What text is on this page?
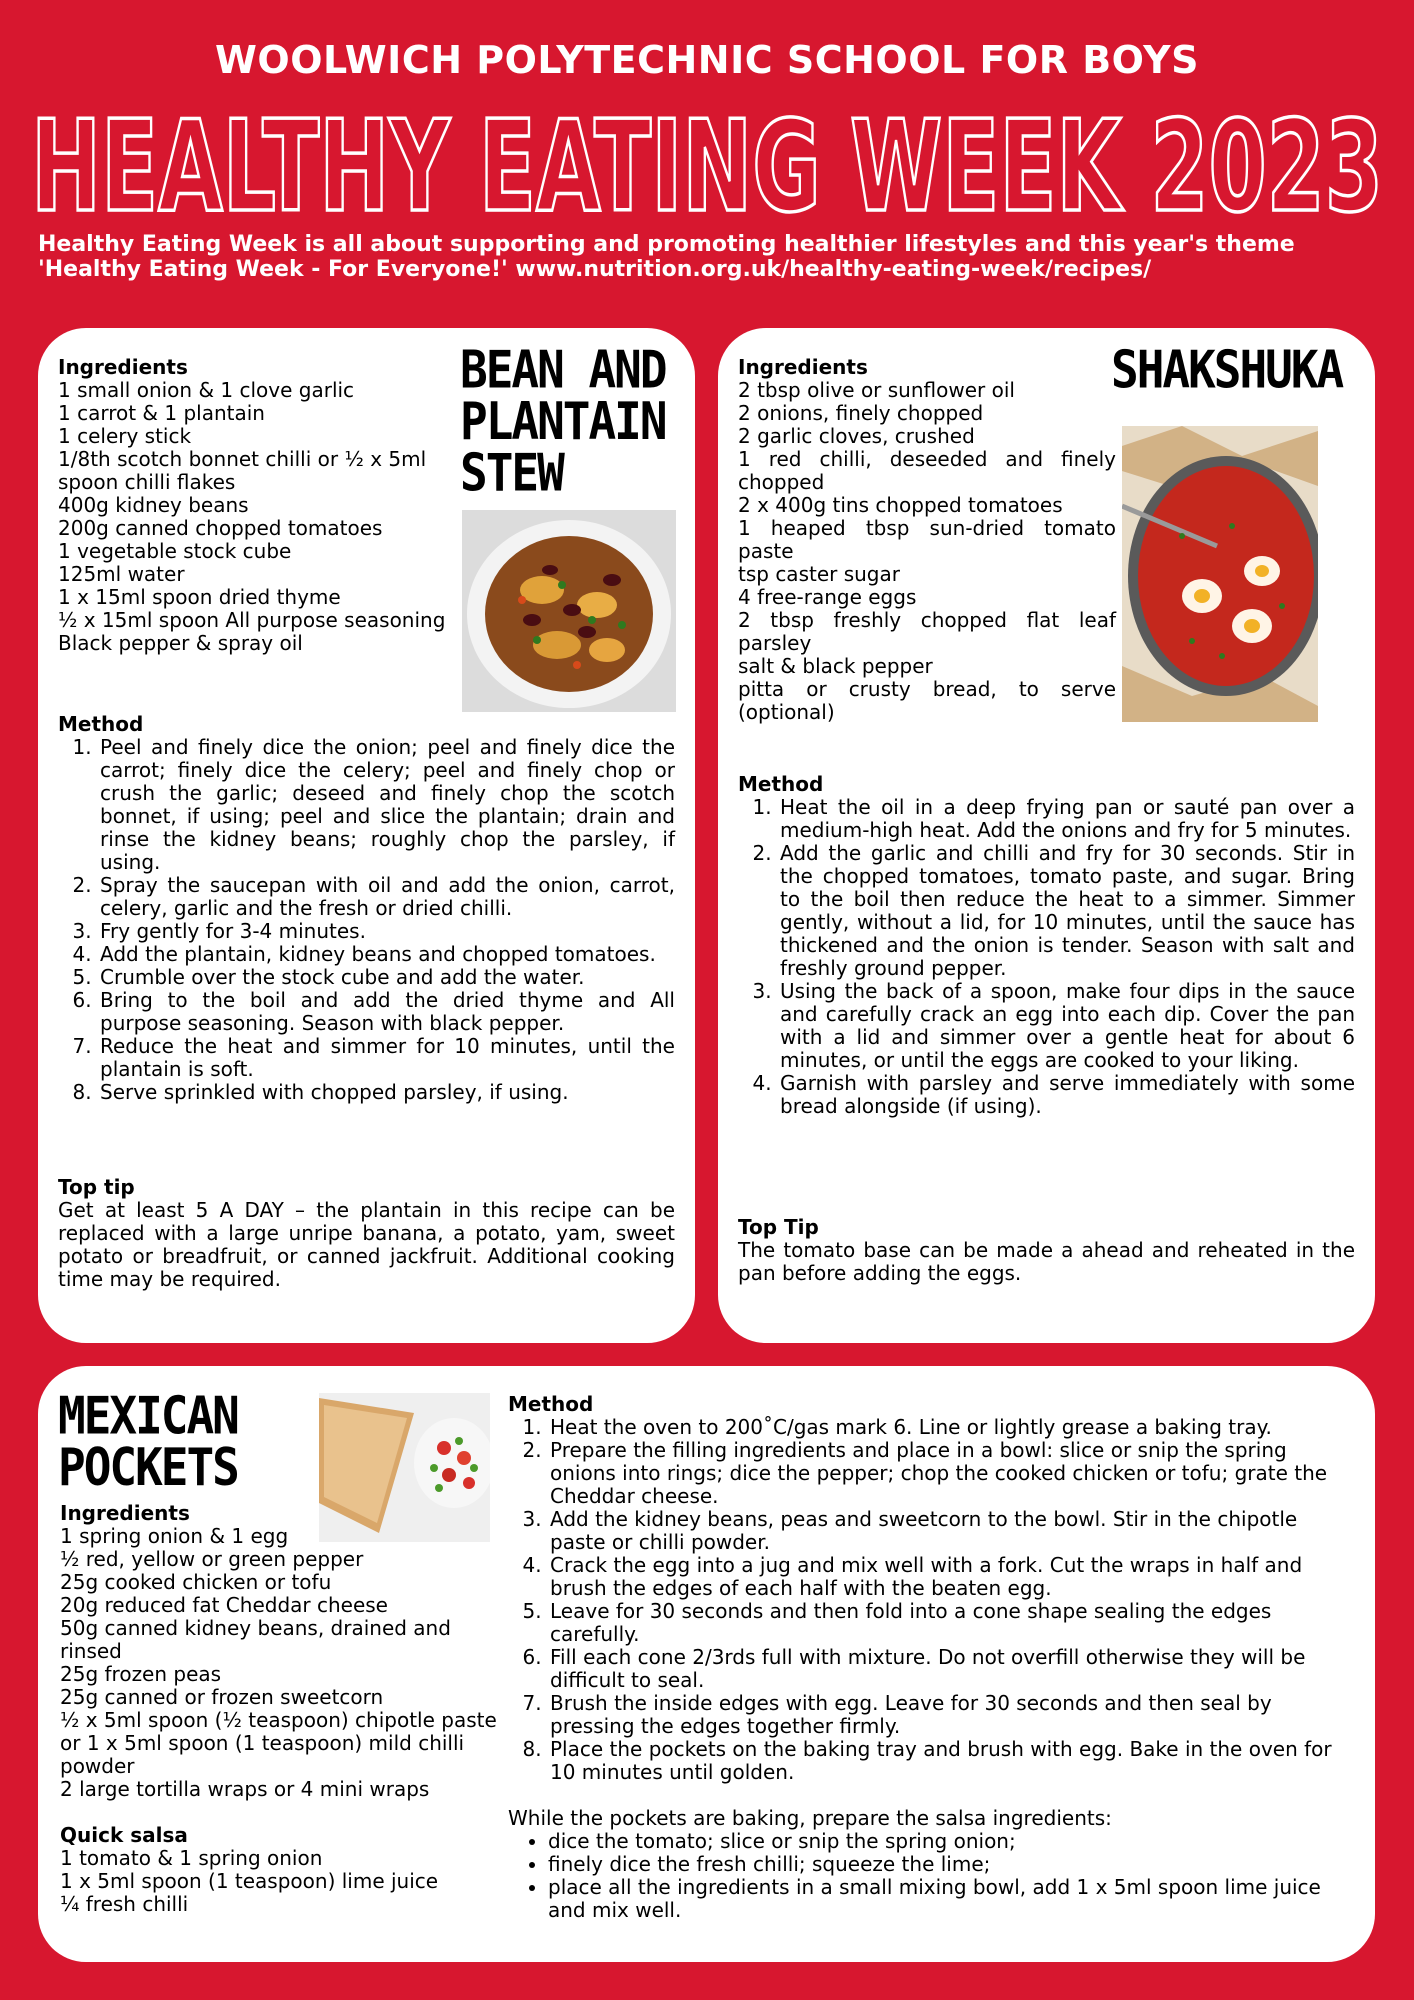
WOOLWICH POLYTECHNIC SCHOOL FOR BOYS
HEALTHY EATING WEEK 2023
Healthy Eating Week is all about supporting and promoting healthier lifestyles and this year's theme
'Healthy Eating Week - For Everyone!' www.nutrition.org.uk/healthy-eating-week/recipes/
BEAN AND
PLANTAIN
STEW
Ingredients
1 small onion & 1 clove garlic
1 carrot & 1 plantain
1 celery stick
1/8th scotch bonnet chilli or ½ x 5ml spoon chilli flakes
400g kidney beans
200g canned chopped tomatoes
1 vegetable stock cube
125ml water
1 x 15ml spoon dried thyme
½ x 15ml spoon All purpose seasoning
Black pepper & spray oil
Method
1. Peel and finely dice the onion; peel and finely dice the carrot; finely dice the celery; peel and finely chop or crush the garlic; deseed and finely chop the scotch bonnet, if using; peel and slice the plantain; drain and rinse the kidney beans; roughly chop the parsley, if using.
2. Spray the saucepan with oil and add the onion, carrot, celery, garlic and the fresh or dried chilli.
3. Fry gently for 3-4 minutes.
4. Add the plantain, kidney beans and chopped tomatoes.
5. Crumble over the stock cube and add the water.
6. Bring to the boil and add the dried thyme and All purpose seasoning. Season with black pepper.
7. Reduce the heat and simmer for 10 minutes, until the plantain is soft.
8. Serve sprinkled with chopped parsley, if using.
Top tip
Get at least 5 A DAY – the plantain in this recipe can be replaced with a large unripe banana, a potato, yam, sweet potato or breadfruit, or canned jackfruit. Additional cooking time may be required.
SHAKSHUKA
Ingredients
2 tbsp olive or sunflower oil
2 onions, finely chopped
2 garlic cloves, crushed
1 red chilli, deseeded and finely chopped
2 x 400g tins chopped tomatoes
1 heaped tbsp sun-dried tomato paste
tsp caster sugar
4 free-range eggs
2 tbsp freshly chopped flat leaf parsley
salt & black pepper
pitta or crusty bread, to serve (optional)
Method
1. Heat the oil in a deep frying pan or sauté pan over a medium-high heat. Add the onions and fry for 5 minutes.
2. Add the garlic and chilli and fry for 30 seconds. Stir in the chopped tomatoes, tomato paste, and sugar. Bring to the boil then reduce the heat to a simmer. Simmer gently, without a lid, for 10 minutes, until the sauce has thickened and the onion is tender. Season with salt and freshly ground pepper.
3. Using the back of a spoon, make four dips in the sauce and carefully crack an egg into each dip. Cover the pan with a lid and simmer over a gentle heat for about 6 minutes, or until the eggs are cooked to your liking.
4. Garnish with parsley and serve immediately with some bread alongside (if using).
Top Tip
The tomato base can be made a ahead and reheated in the pan before adding the eggs.
MEXICAN
POCKETS
Ingredients
1 spring onion & 1 egg
½ red, yellow or green pepper
25g cooked chicken or tofu
20g reduced fat Cheddar cheese
50g canned kidney beans, drained and rinsed
25g frozen peas
25g canned or frozen sweetcorn
½ x 5ml spoon (½ teaspoon) chipotle paste
or 1 x 5ml spoon (1 teaspoon) mild chilli powder
2 large tortilla wraps or 4 mini wraps
Quick salsa
1 tomato & 1 spring onion
1 x 5ml spoon (1 teaspoon) lime juice
¼ fresh chilli
Method
1. Heat the oven to 200˚C/gas mark 6. Line or lightly grease a baking tray.
2. Prepare the filling ingredients and place in a bowl: slice or snip the spring onions into rings; dice the pepper; chop the cooked chicken or tofu; grate the Cheddar cheese.
3. Add the kidney beans, peas and sweetcorn to the bowl. Stir in the chipotle paste or chilli powder.
4. Crack the egg into a jug and mix well with a fork. Cut the wraps in half and brush the edges of each half with the beaten egg.
5. Leave for 30 seconds and then fold into a cone shape sealing the edges carefully.
6. Fill each cone 2/3rds full with mixture. Do not overfill otherwise they will be difficult to seal.
7. Brush the inside edges with egg. Leave for 30 seconds and then seal by pressing the edges together firmly.
8. Place the pockets on the baking tray and brush with egg. Bake in the oven for 10 minutes until golden.
While the pockets are baking, prepare the salsa ingredients:
• dice the tomato; slice or snip the spring onion;
• finely dice the fresh chilli; squeeze the lime;
• place all the ingredients in a small mixing bowl, add 1 x 5ml spoon lime juice and mix well.
